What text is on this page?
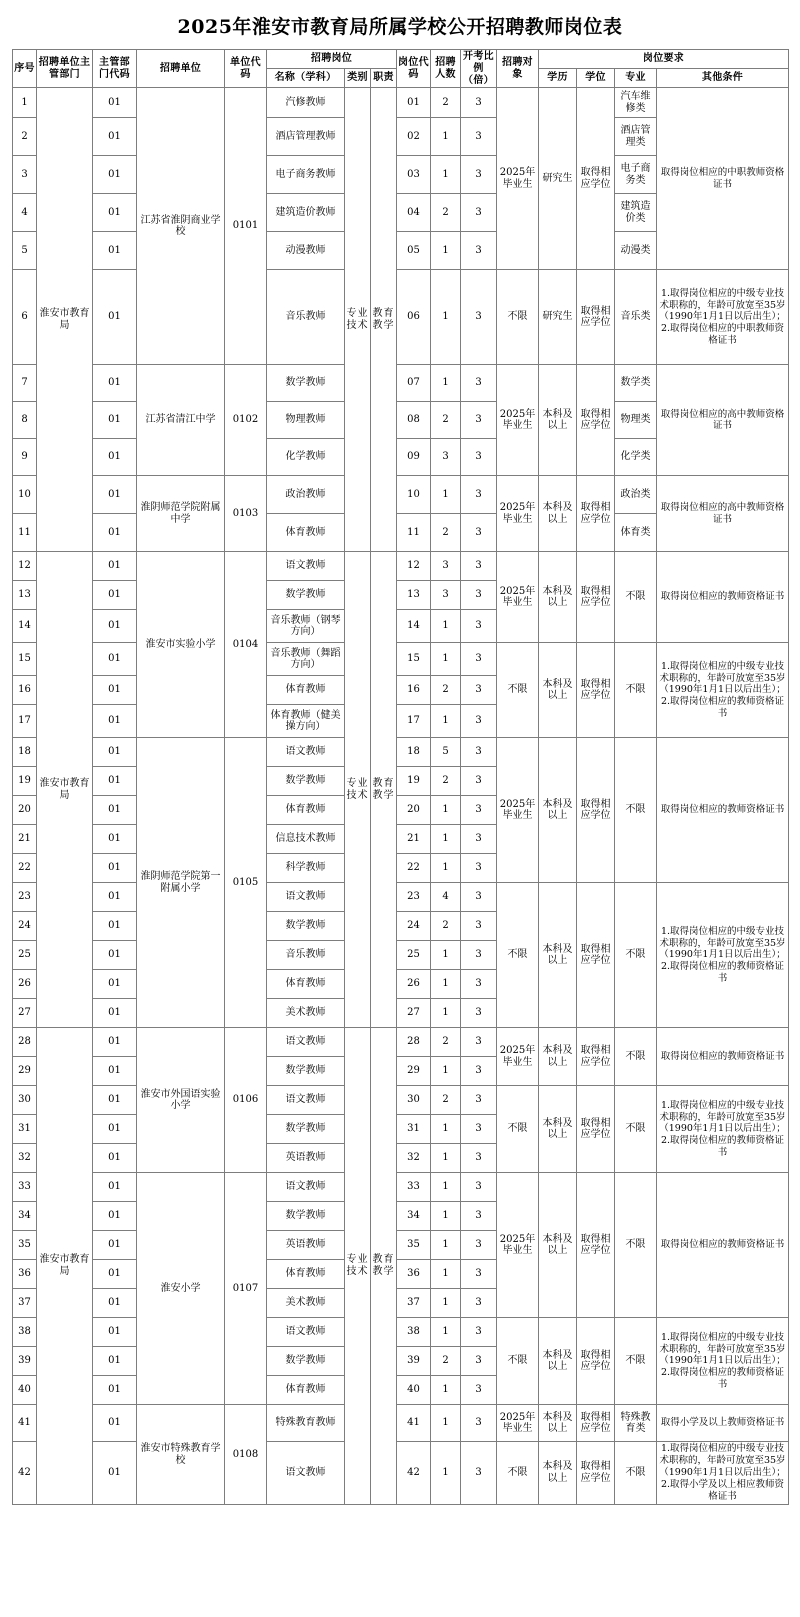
2025年淮安市教育局所属学校公开招聘教师岗位表
序号	招聘单位主管部门	主管部门代码	招聘单位	单位代码	招聘岗位			岗位代码	招聘人数	开考比例（倍）	招聘对象	岗位要求			
					名称（学科）	类别	职责					学历	学位	专业	其他条件
1	淮安市教育局	01	江苏省淮阴商业学校	0101	汽修教师	专业技术	教育教学	01	2	3	2025年毕业生	研究生	取得相应学位	汽车维修类	取得岗位相应的中职教师资格证书
2		01			酒店管理教师			02	1	3				酒店管理类	
3		01			电子商务教师			03	1	3				电子商务类	
4		01			建筑造价教师			04	2	3				建筑造价类	
5		01			动漫教师			05	1	3				动漫类	
6		01			音乐教师			06	1	3	不限	研究生	取得相应学位	音乐类	1.取得岗位相应的中级专业技术职称的，年龄可放宽至35岁（1990年1月1日以后出生）；
2.取得岗位相应的中职教师资格证书
7		01	江苏省清江中学	0102	数学教师			07	1	3	2025年毕业生	本科及以上	取得相应学位	数学类	取得岗位相应的高中教师资格证书
8		01			物理教师			08	2	3				物理类	
9		01			化学教师			09	3	3				化学类	
10		01	淮阴师范学院附属中学	0103	政治教师			10	1	3	2025年毕业生	本科及以上	取得相应学位	政治类	取得岗位相应的高中教师资格证书
11		01			体育教师			11	2	3				体育类	
12	淮安市教育局	01	淮安市实验小学	0104	语文教师	专业技术	教育教学	12	3	3	2025年毕业生	本科及以上	取得相应学位	不限	取得岗位相应的教师资格证书
13		01			数学教师			13	3	3					
14		01			音乐教师（钢琴方向）			14	1	3					
15		01			音乐教师（舞蹈方向）			15	1	3	不限	本科及以上	取得相应学位	不限	1.取得岗位相应的中级专业技术职称的，年龄可放宽至35岁（1990年1月1日以后出生）；
2.取得岗位相应的教师资格证书
16		01			体育教师			16	2	3					
17		01			体育教师（健美操方向）			17	1	3					
18		01	淮阴师范学院第一附属小学	0105	语文教师			18	5	3	2025年毕业生	本科及以上	取得相应学位	不限	取得岗位相应的教师资格证书
19		01			数学教师			19	2	3					
20		01			体育教师			20	1	3					
21		01			信息技术教师			21	1	3					
22		01			科学教师			22	1	3					
23		01			语文教师			23	4	3	不限	本科及以上	取得相应学位	不限	1.取得岗位相应的中级专业技术职称的，年龄可放宽至35岁（1990年1月1日以后出生）；
2.取得岗位相应的教师资格证书
24		01			数学教师			24	2	3					
25		01			音乐教师			25	1	3					
26		01			体育教师			26	1	3					
27		01			美术教师			27	1	3					
28	淮安市教育局	01	淮安市外国语实验小学	0106	语文教师	专业技术	教育教学	28	2	3	2025年毕业生	本科及以上	取得相应学位	不限	取得岗位相应的教师资格证书
29		01			数学教师			29	1	3					
30		01			语文教师			30	2	3	不限	本科及以上	取得相应学位	不限	1.取得岗位相应的中级专业技术职称的，年龄可放宽至35岁（1990年1月1日以后出生）；
2.取得岗位相应的教师资格证书
31		01			数学教师			31	1	3					
32		01			英语教师			32	1	3					
33		01	淮安小学	0107	语文教师			33	1	3	2025年毕业生	本科及以上	取得相应学位	不限	取得岗位相应的教师资格证书
34		01			数学教师			34	1	3					
35		01			英语教师			35	1	3					
36		01			体育教师			36	1	3					
37		01			美术教师			37	1	3					
38		01			语文教师			38	1	3	不限	本科及以上	取得相应学位	不限	1.取得岗位相应的中级专业技术职称的，年龄可放宽至35岁（1990年1月1日以后出生）；
2.取得岗位相应的教师资格证书
39		01			数学教师			39	2	3					
40		01			体育教师			40	1	3					
41		01	淮安市特殊教育学校	0108	特殊教育教师			41	1	3	2025年毕业生	本科及以上	取得相应学位	特殊教育类	取得小学及以上教师资格证书
42		01			语文教师			42	1	3	不限	本科及以上	取得相应学位	不限	1.取得岗位相应的中级专业技术职称的，年龄可放宽至35岁（1990年1月1日以后出生）；
2.取得小学及以上相应教师资格证书
